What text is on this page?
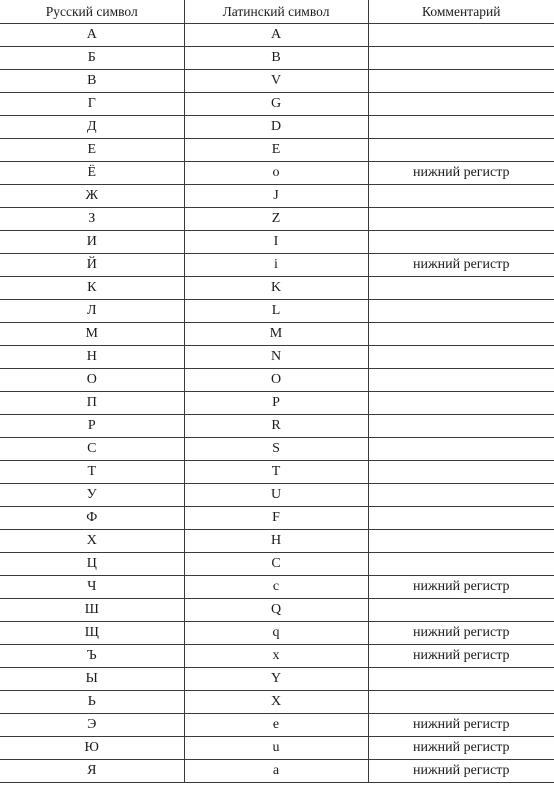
Русский символ	Латинский символ	Комментарий
А	A	
Б	B	
В	V	
Г	G	
Д	D	
Е	E	
Ё	o	нижний регистр
Ж	J	
З	Z	
И	I	
Й	i	нижний регистр
К	K	
Л	L	
М	M	
Н	N	
О	O	
П	P	
Р	R	
С	S	
Т	T	
У	U	
Ф	F	
Х	H	
Ц	C	
Ч	c	нижний регистр
Ш	Q	
Щ	q	нижний регистр
Ъ	x	нижний регистр
Ы	Y	
Ь	X	
Э	e	нижний регистр
Ю	u	нижний регистр
Я	a	нижний регистр
